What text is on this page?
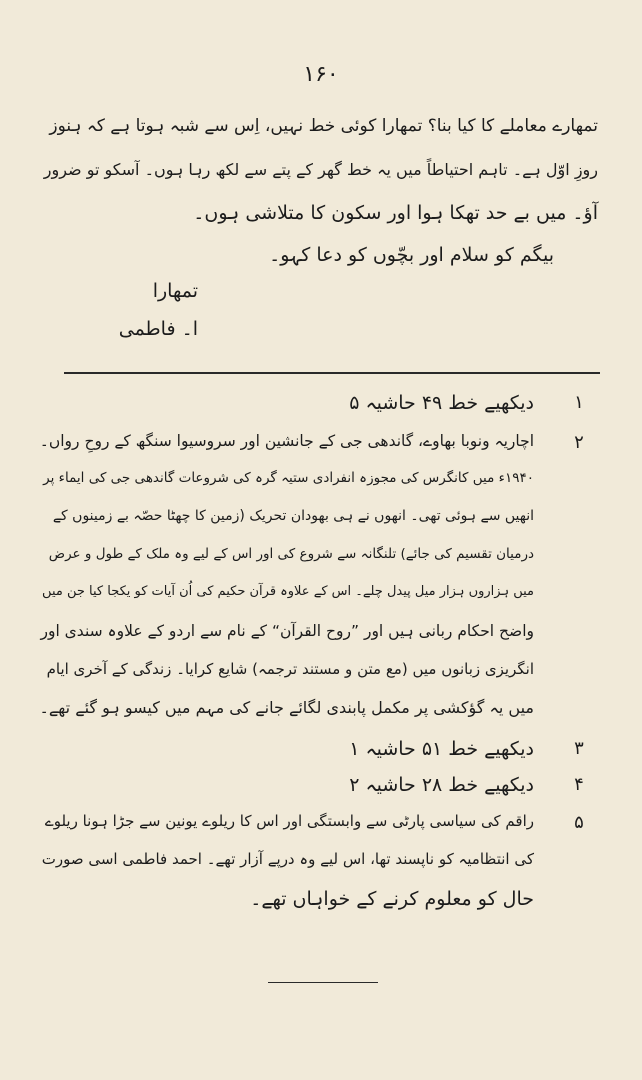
۱۶۰
تمھارے معاملے کا کیا بنا؟ تمھارا کوئی خط نہیں، اِس سے شبہ ہوتا ہے کہ ہنوز
روزِ اوّل ہے۔ تاہم احتیاطاً میں یہ خط گھر کے پتے سے لکھ رہا ہوں۔ آسکو تو ضرور
آؤ۔ میں بے حد تھکا ہوا اور سکون کا متلاشی ہوں۔
بیگم کو سلام اور بچّوں کو دعا کہو۔
تمھارا
ا۔ فاطمی
۱
دیکھیے خط ۴۹ حاشیہ ۵
۲
اچاریہ ونوبا بھاوے، گاندھی جی کے جانشین اور سروسیوا سنگھ کے روحِ رواں۔
۱۹۴۰ء میں کانگرس کی مجوزہ انفرادی ستیہ گرہ کی شروعات گاندھی جی کی ایماء پر
انھیں سے ہوئی تھی۔ انھوں نے ہی بھودان تحریک (زمین کا چھٹا حصّہ بے زمینوں کے
درمیان تقسیم کی جائے) تلنگانہ سے شروع کی اور اس کے لیے وہ ملک کے طول و عرض
میں ہزاروں ہزار میل پیدل چلے۔ اس کے علاوہ قرآن حکیم کی اُن آیات کو یکجا کیا جن میں
واضح احکام ربانی ہیں اور ”روح القرآن“ کے نام سے اردو کے علاوہ سندی اور
انگریزی زبانوں میں (مع متن و مستند ترجمہ) شایع کرایا۔ زندگی کے آخری ایام
میں یہ گؤکشی پر مکمل پابندی لگائے جانے کی مہم میں کیسو ہو گئے تھے۔
۳
دیکھیے خط ۵۱ حاشیہ ۱
۴
دیکھیے خط ۲۸ حاشیہ ۲
۵
راقم کی سیاسی پارٹی سے وابستگی اور اس کا ریلوے یونین سے جڑا ہونا ریلوے
کی انتظامیہ کو ناپسند تھا، اس لیے وہ درپے آزار تھے۔ احمد فاطمی اسی صورت
حال کو معلوم کرنے کے خواہاں تھے۔
